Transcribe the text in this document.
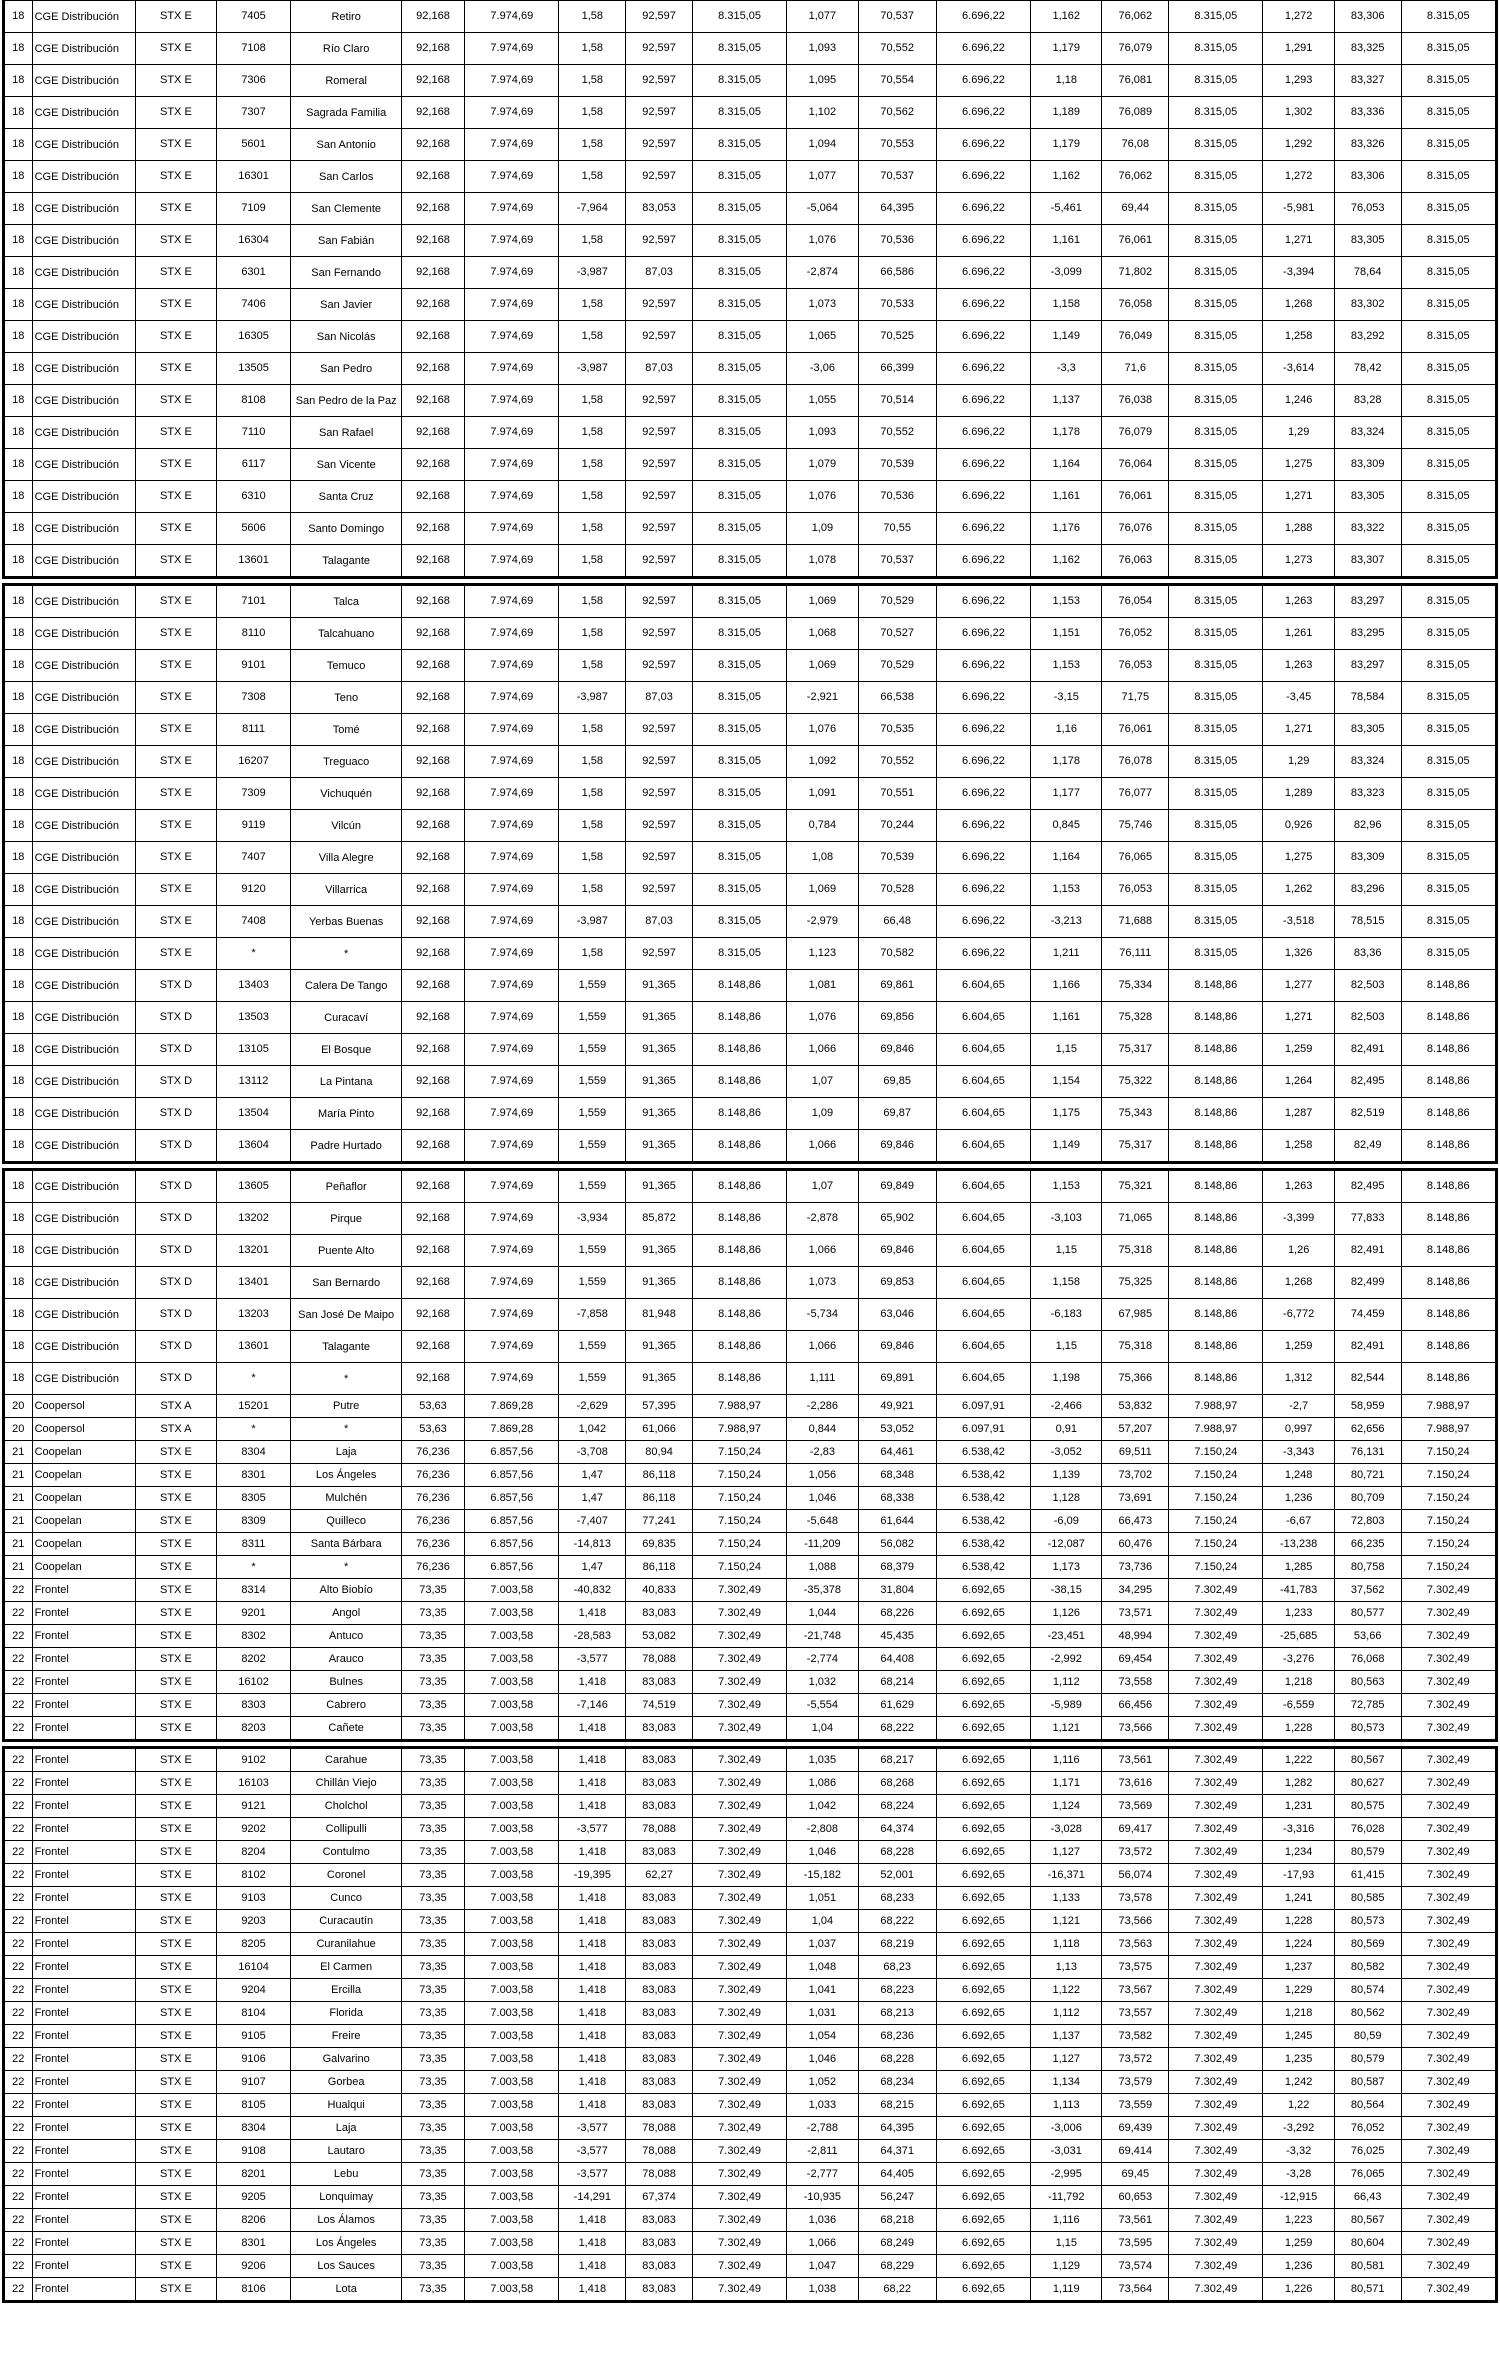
18	CGE Distribución	STX E	7405	Retiro	92,168	7.974,69	1,58	92,597	8.315,05	1,077	70,537	6.696,22	1,162	76,062	8.315,05	1,272	83,306	8.315,05
18	CGE Distribución	STX E	7108	Río Claro	92,168	7.974,69	1,58	92,597	8.315,05	1,093	70,552	6.696,22	1,179	76,079	8.315,05	1,291	83,325	8.315,05
18	CGE Distribución	STX E	7306	Romeral	92,168	7.974,69	1,58	92,597	8.315,05	1,095	70,554	6.696,22	1,18	76,081	8.315,05	1,293	83,327	8.315,05
18	CGE Distribución	STX E	7307	Sagrada Familia	92,168	7.974,69	1,58	92,597	8.315,05	1,102	70,562	6.696,22	1,189	76,089	8.315,05	1,302	83,336	8.315,05
18	CGE Distribución	STX E	5601	San Antonio	92,168	7.974,69	1,58	92,597	8.315,05	1,094	70,553	6.696,22	1,179	76,08	8.315,05	1,292	83,326	8.315,05
18	CGE Distribución	STX E	16301	San Carlos	92,168	7.974,69	1,58	92,597	8.315,05	1,077	70,537	6.696,22	1,162	76,062	8.315,05	1,272	83,306	8.315,05
18	CGE Distribución	STX E	7109	San Clemente	92,168	7.974,69	-7,964	83,053	8.315,05	-5,064	64,395	6.696,22	-5,461	69,44	8.315,05	-5,981	76,053	8.315,05
18	CGE Distribución	STX E	16304	San Fabián	92,168	7.974,69	1,58	92,597	8.315,05	1,076	70,536	6.696,22	1,161	76,061	8.315,05	1,271	83,305	8.315,05
18	CGE Distribución	STX E	6301	San Fernando	92,168	7.974,69	-3,987	87,03	8.315,05	-2,874	66,586	6.696,22	-3,099	71,802	8.315,05	-3,394	78,64	8.315,05
18	CGE Distribución	STX E	7406	San Javier	92,168	7.974,69	1,58	92,597	8.315,05	1,073	70,533	6.696,22	1,158	76,058	8.315,05	1,268	83,302	8.315,05
18	CGE Distribución	STX E	16305	San Nicolás	92,168	7.974,69	1,58	92,597	8.315,05	1,065	70,525	6.696,22	1,149	76,049	8.315,05	1,258	83,292	8.315,05
18	CGE Distribución	STX E	13505	San Pedro	92,168	7.974,69	-3,987	87,03	8.315,05	-3,06	66,399	6.696,22	-3,3	71,6	8.315,05	-3,614	78,42	8.315,05
18	CGE Distribución	STX E	8108	San Pedro de la Paz	92,168	7.974,69	1,58	92,597	8.315,05	1,055	70,514	6.696,22	1,137	76,038	8.315,05	1,246	83,28	8.315,05
18	CGE Distribución	STX E	7110	San Rafael	92,168	7.974,69	1,58	92,597	8.315,05	1,093	70,552	6.696,22	1,178	76,079	8.315,05	1,29	83,324	8.315,05
18	CGE Distribución	STX E	6117	San Vicente	92,168	7.974,69	1,58	92,597	8.315,05	1,079	70,539	6.696,22	1,164	76,064	8.315,05	1,275	83,309	8.315,05
18	CGE Distribución	STX E	6310	Santa Cruz	92,168	7.974,69	1,58	92,597	8.315,05	1,076	70,536	6.696,22	1,161	76,061	8.315,05	1,271	83,305	8.315,05
18	CGE Distribución	STX E	5606	Santo Domingo	92,168	7.974,69	1,58	92,597	8.315,05	1,09	70,55	6.696,22	1,176	76,076	8.315,05	1,288	83,322	8.315,05
18	CGE Distribución	STX E	13601	Talagante	92,168	7.974,69	1,58	92,597	8.315,05	1,078	70,537	6.696,22	1,162	76,063	8.315,05	1,273	83,307	8.315,05
18	CGE Distribución	STX E	7101	Talca	92,168	7.974,69	1,58	92,597	8.315,05	1,069	70,529	6.696,22	1,153	76,054	8.315,05	1,263	83,297	8.315,05
18	CGE Distribución	STX E	8110	Talcahuano	92,168	7.974,69	1,58	92,597	8.315,05	1,068	70,527	6.696,22	1,151	76,052	8.315,05	1,261	83,295	8.315,05
18	CGE Distribución	STX E	9101	Temuco	92,168	7.974,69	1,58	92,597	8.315,05	1,069	70,529	6.696,22	1,153	76,053	8.315,05	1,263	83,297	8.315,05
18	CGE Distribución	STX E	7308	Teno	92,168	7.974,69	-3,987	87,03	8.315,05	-2,921	66,538	6.696,22	-3,15	71,75	8.315,05	-3,45	78,584	8.315,05
18	CGE Distribución	STX E	8111	Tomé	92,168	7.974,69	1,58	92,597	8.315,05	1,076	70,535	6.696,22	1,16	76,061	8.315,05	1,271	83,305	8.315,05
18	CGE Distribución	STX E	16207	Treguaco	92,168	7.974,69	1,58	92,597	8.315,05	1,092	70,552	6.696,22	1,178	76,078	8.315,05	1,29	83,324	8.315,05
18	CGE Distribución	STX E	7309	Vichuquén	92,168	7.974,69	1,58	92,597	8.315,05	1,091	70,551	6.696,22	1,177	76,077	8.315,05	1,289	83,323	8.315,05
18	CGE Distribución	STX E	9119	Vilcún	92,168	7.974,69	1,58	92,597	8.315,05	0,784	70,244	6.696,22	0,845	75,746	8.315,05	0,926	82,96	8.315,05
18	CGE Distribución	STX E	7407	Villa Alegre	92,168	7.974,69	1,58	92,597	8.315,05	1,08	70,539	6.696,22	1,164	76,065	8.315,05	1,275	83,309	8.315,05
18	CGE Distribución	STX E	9120	Villarrica	92,168	7.974,69	1,58	92,597	8.315,05	1,069	70,528	6.696,22	1,153	76,053	8.315,05	1,262	83,296	8.315,05
18	CGE Distribución	STX E	7408	Yerbas Buenas	92,168	7.974,69	-3,987	87,03	8.315,05	-2,979	66,48	6.696,22	-3,213	71,688	8.315,05	-3,518	78,515	8.315,05
18	CGE Distribución	STX E	*	*	92,168	7.974,69	1,58	92,597	8.315,05	1,123	70,582	6.696,22	1,211	76,111	8.315,05	1,326	83,36	8.315,05
18	CGE Distribución	STX D	13403	Calera De Tango	92,168	7.974,69	1,559	91,365	8.148,86	1,081	69,861	6.604,65	1,166	75,334	8.148,86	1,277	82,503	8.148,86
18	CGE Distribución	STX D	13503	Curacaví	92,168	7.974,69	1,559	91,365	8.148,86	1,076	69,856	6.604,65	1,161	75,328	8.148,86	1,271	82,503	8.148,86
18	CGE Distribución	STX D	13105	El Bosque	92,168	7.974,69	1,559	91,365	8.148,86	1,066	69,846	6.604,65	1,15	75,317	8.148,86	1,259	82,491	8.148,86
18	CGE Distribución	STX D	13112	La Pintana	92,168	7.974,69	1,559	91,365	8.148,86	1,07	69,85	6.604,65	1,154	75,322	8.148,86	1,264	82,495	8.148,86
18	CGE Distribución	STX D	13504	María Pinto	92,168	7.974,69	1,559	91,365	8.148,86	1,09	69,87	6.604,65	1,175	75,343	8.148,86	1,287	82,519	8.148,86
18	CGE Distribución	STX D	13604	Padre Hurtado	92,168	7.974,69	1,559	91,365	8.148,86	1,066	69,846	6.604,65	1,149	75,317	8.148,86	1,258	82,49	8.148,86
18	CGE Distribución	STX D	13605	Peñaflor	92,168	7.974,69	1,559	91,365	8.148,86	1,07	69,849	6.604,65	1,153	75,321	8.148,86	1,263	82,495	8.148,86
18	CGE Distribución	STX D	13202	Pirque	92,168	7.974,69	-3,934	85,872	8.148,86	-2,878	65,902	6.604,65	-3,103	71,065	8.148,86	-3,399	77,833	8.148,86
18	CGE Distribución	STX D	13201	Puente Alto	92,168	7.974,69	1,559	91,365	8.148,86	1,066	69,846	6.604,65	1,15	75,318	8.148,86	1,26	82,491	8.148,86
18	CGE Distribución	STX D	13401	San Bernardo	92,168	7.974,69	1,559	91,365	8.148,86	1,073	69,853	6.604,65	1,158	75,325	8.148,86	1,268	82,499	8.148,86
18	CGE Distribución	STX D	13203	San José De Maipo	92,168	7.974,69	-7,858	81,948	8.148,86	-5,734	63,046	6.604,65	-6,183	67,985	8.148,86	-6,772	74,459	8.148,86
18	CGE Distribución	STX D	13601	Talagante	92,168	7.974,69	1,559	91,365	8.148,86	1,066	69,846	6.604,65	1,15	75,318	8.148,86	1,259	82,491	8.148,86
18	CGE Distribución	STX D	*	*	92,168	7.974,69	1,559	91,365	8.148,86	1,111	69,891	6.604,65	1,198	75,366	8.148,86	1,312	82,544	8.148,86
20	Coopersol	STX A	15201	Putre	53,63	7.869,28	-2,629	57,395	7.988,97	-2,286	49,921	6.097,91	-2,466	53,832	7.988,97	-2,7	58,959	7.988,97
20	Coopersol	STX A	*	*	53,63	7.869,28	1,042	61,066	7.988,97	0,844	53,052	6.097,91	0,91	57,207	7.988,97	0,997	62,656	7.988,97
21	Coopelan	STX E	8304	Laja	76,236	6.857,56	-3,708	80,94	7.150,24	-2,83	64,461	6.538,42	-3,052	69,511	7.150,24	-3,343	76,131	7.150,24
21	Coopelan	STX E	8301	Los Ángeles	76,236	6.857,56	1,47	86,118	7.150,24	1,056	68,348	6.538,42	1,139	73,702	7.150,24	1,248	80,721	7.150,24
21	Coopelan	STX E	8305	Mulchén	76,236	6.857,56	1,47	86,118	7.150,24	1,046	68,338	6.538,42	1,128	73,691	7.150,24	1,236	80,709	7.150,24
21	Coopelan	STX E	8309	Quilleco	76,236	6.857,56	-7,407	77,241	7.150,24	-5,648	61,644	6.538,42	-6,09	66,473	7.150,24	-6,67	72,803	7.150,24
21	Coopelan	STX E	8311	Santa Bárbara	76,236	6.857,56	-14,813	69,835	7.150,24	-11,209	56,082	6.538,42	-12,087	60,476	7.150,24	-13,238	66,235	7.150,24
21	Coopelan	STX E	*	*	76,236	6.857,56	1,47	86,118	7.150,24	1,088	68,379	6.538,42	1,173	73,736	7.150,24	1,285	80,758	7.150,24
22	Frontel	STX E	8314	Alto Biobío	73,35	7.003,58	-40,832	40,833	7.302,49	-35,378	31,804	6.692,65	-38,15	34,295	7.302,49	-41,783	37,562	7.302,49
22	Frontel	STX E	9201	Angol	73,35	7.003,58	1,418	83,083	7.302,49	1,044	68,226	6.692,65	1,126	73,571	7.302,49	1,233	80,577	7.302,49
22	Frontel	STX E	8302	Antuco	73,35	7.003,58	-28,583	53,082	7.302,49	-21,748	45,435	6.692,65	-23,451	48,994	7.302,49	-25,685	53,66	7.302,49
22	Frontel	STX E	8202	Arauco	73,35	7.003,58	-3,577	78,088	7.302,49	-2,774	64,408	6.692,65	-2,992	69,454	7.302,49	-3,276	76,068	7.302,49
22	Frontel	STX E	16102	Bulnes	73,35	7.003,58	1,418	83,083	7.302,49	1,032	68,214	6.692,65	1,112	73,558	7.302,49	1,218	80,563	7.302,49
22	Frontel	STX E	8303	Cabrero	73,35	7.003,58	-7,146	74,519	7.302,49	-5,554	61,629	6.692,65	-5,989	66,456	7.302,49	-6,559	72,785	7.302,49
22	Frontel	STX E	8203	Cañete	73,35	7.003,58	1,418	83,083	7.302,49	1,04	68,222	6.692,65	1,121	73,566	7.302,49	1,228	80,573	7.302,49
22	Frontel	STX E	9102	Carahue	73,35	7.003,58	1,418	83,083	7.302,49	1,035	68,217	6.692,65	1,116	73,561	7.302,49	1,222	80,567	7.302,49
22	Frontel	STX E	16103	Chillán Viejo	73,35	7.003,58	1,418	83,083	7.302,49	1,086	68,268	6.692,65	1,171	73,616	7.302,49	1,282	80,627	7.302,49
22	Frontel	STX E	9121	Cholchol	73,35	7.003,58	1,418	83,083	7.302,49	1,042	68,224	6.692,65	1,124	73,569	7.302,49	1,231	80,575	7.302,49
22	Frontel	STX E	9202	Collipulli	73,35	7.003,58	-3,577	78,088	7.302,49	-2,808	64,374	6.692,65	-3,028	69,417	7.302,49	-3,316	76,028	7.302,49
22	Frontel	STX E	8204	Contulmo	73,35	7.003,58	1,418	83,083	7.302,49	1,046	68,228	6.692,65	1,127	73,572	7.302,49	1,234	80,579	7.302,49
22	Frontel	STX E	8102	Coronel	73,35	7.003,58	-19,395	62,27	7.302,49	-15,182	52,001	6.692,65	-16,371	56,074	7.302,49	-17,93	61,415	7.302,49
22	Frontel	STX E	9103	Cunco	73,35	7.003,58	1,418	83,083	7.302,49	1,051	68,233	6.692,65	1,133	73,578	7.302,49	1,241	80,585	7.302,49
22	Frontel	STX E	9203	Curacautín	73,35	7.003,58	1,418	83,083	7.302,49	1,04	68,222	6.692,65	1,121	73,566	7.302,49	1,228	80,573	7.302,49
22	Frontel	STX E	8205	Curanilahue	73,35	7.003,58	1,418	83,083	7.302,49	1,037	68,219	6.692,65	1,118	73,563	7.302,49	1,224	80,569	7.302,49
22	Frontel	STX E	16104	El Carmen	73,35	7.003,58	1,418	83,083	7.302,49	1,048	68,23	6.692,65	1,13	73,575	7.302,49	1,237	80,582	7.302,49
22	Frontel	STX E	9204	Ercilla	73,35	7.003,58	1,418	83,083	7.302,49	1,041	68,223	6.692,65	1,122	73,567	7.302,49	1,229	80,574	7.302,49
22	Frontel	STX E	8104	Florida	73,35	7.003,58	1,418	83,083	7.302,49	1,031	68,213	6.692,65	1,112	73,557	7.302,49	1,218	80,562	7.302,49
22	Frontel	STX E	9105	Freire	73,35	7.003,58	1,418	83,083	7.302,49	1,054	68,236	6.692,65	1,137	73,582	7.302,49	1,245	80,59	7.302,49
22	Frontel	STX E	9106	Galvarino	73,35	7.003,58	1,418	83,083	7.302,49	1,046	68,228	6.692,65	1,127	73,572	7.302,49	1,235	80,579	7.302,49
22	Frontel	STX E	9107	Gorbea	73,35	7.003,58	1,418	83,083	7.302,49	1,052	68,234	6.692,65	1,134	73,579	7.302,49	1,242	80,587	7.302,49
22	Frontel	STX E	8105	Hualqui	73,35	7.003,58	1,418	83,083	7.302,49	1,033	68,215	6.692,65	1,113	73,559	7.302,49	1,22	80,564	7.302,49
22	Frontel	STX E	8304	Laja	73,35	7.003,58	-3,577	78,088	7.302,49	-2,788	64,395	6.692,65	-3,006	69,439	7.302,49	-3,292	76,052	7.302,49
22	Frontel	STX E	9108	Lautaro	73,35	7.003,58	-3,577	78,088	7.302,49	-2,811	64,371	6.692,65	-3,031	69,414	7.302,49	-3,32	76,025	7.302,49
22	Frontel	STX E	8201	Lebu	73,35	7.003,58	-3,577	78,088	7.302,49	-2,777	64,405	6.692,65	-2,995	69,45	7.302,49	-3,28	76,065	7.302,49
22	Frontel	STX E	9205	Lonquimay	73,35	7.003,58	-14,291	67,374	7.302,49	-10,935	56,247	6.692,65	-11,792	60,653	7.302,49	-12,915	66,43	7.302,49
22	Frontel	STX E	8206	Los Álamos	73,35	7.003,58	1,418	83,083	7.302,49	1,036	68,218	6.692,65	1,116	73,561	7.302,49	1,223	80,567	7.302,49
22	Frontel	STX E	8301	Los Ángeles	73,35	7.003,58	1,418	83,083	7.302,49	1,066	68,249	6.692,65	1,15	73,595	7.302,49	1,259	80,604	7.302,49
22	Frontel	STX E	9206	Los Sauces	73,35	7.003,58	1,418	83,083	7.302,49	1,047	68,229	6.692,65	1,129	73,574	7.302,49	1,236	80,581	7.302,49
22	Frontel	STX E	8106	Lota	73,35	7.003,58	1,418	83,083	7.302,49	1,038	68,22	6.692,65	1,119	73,564	7.302,49	1,226	80,571	7.302,49
